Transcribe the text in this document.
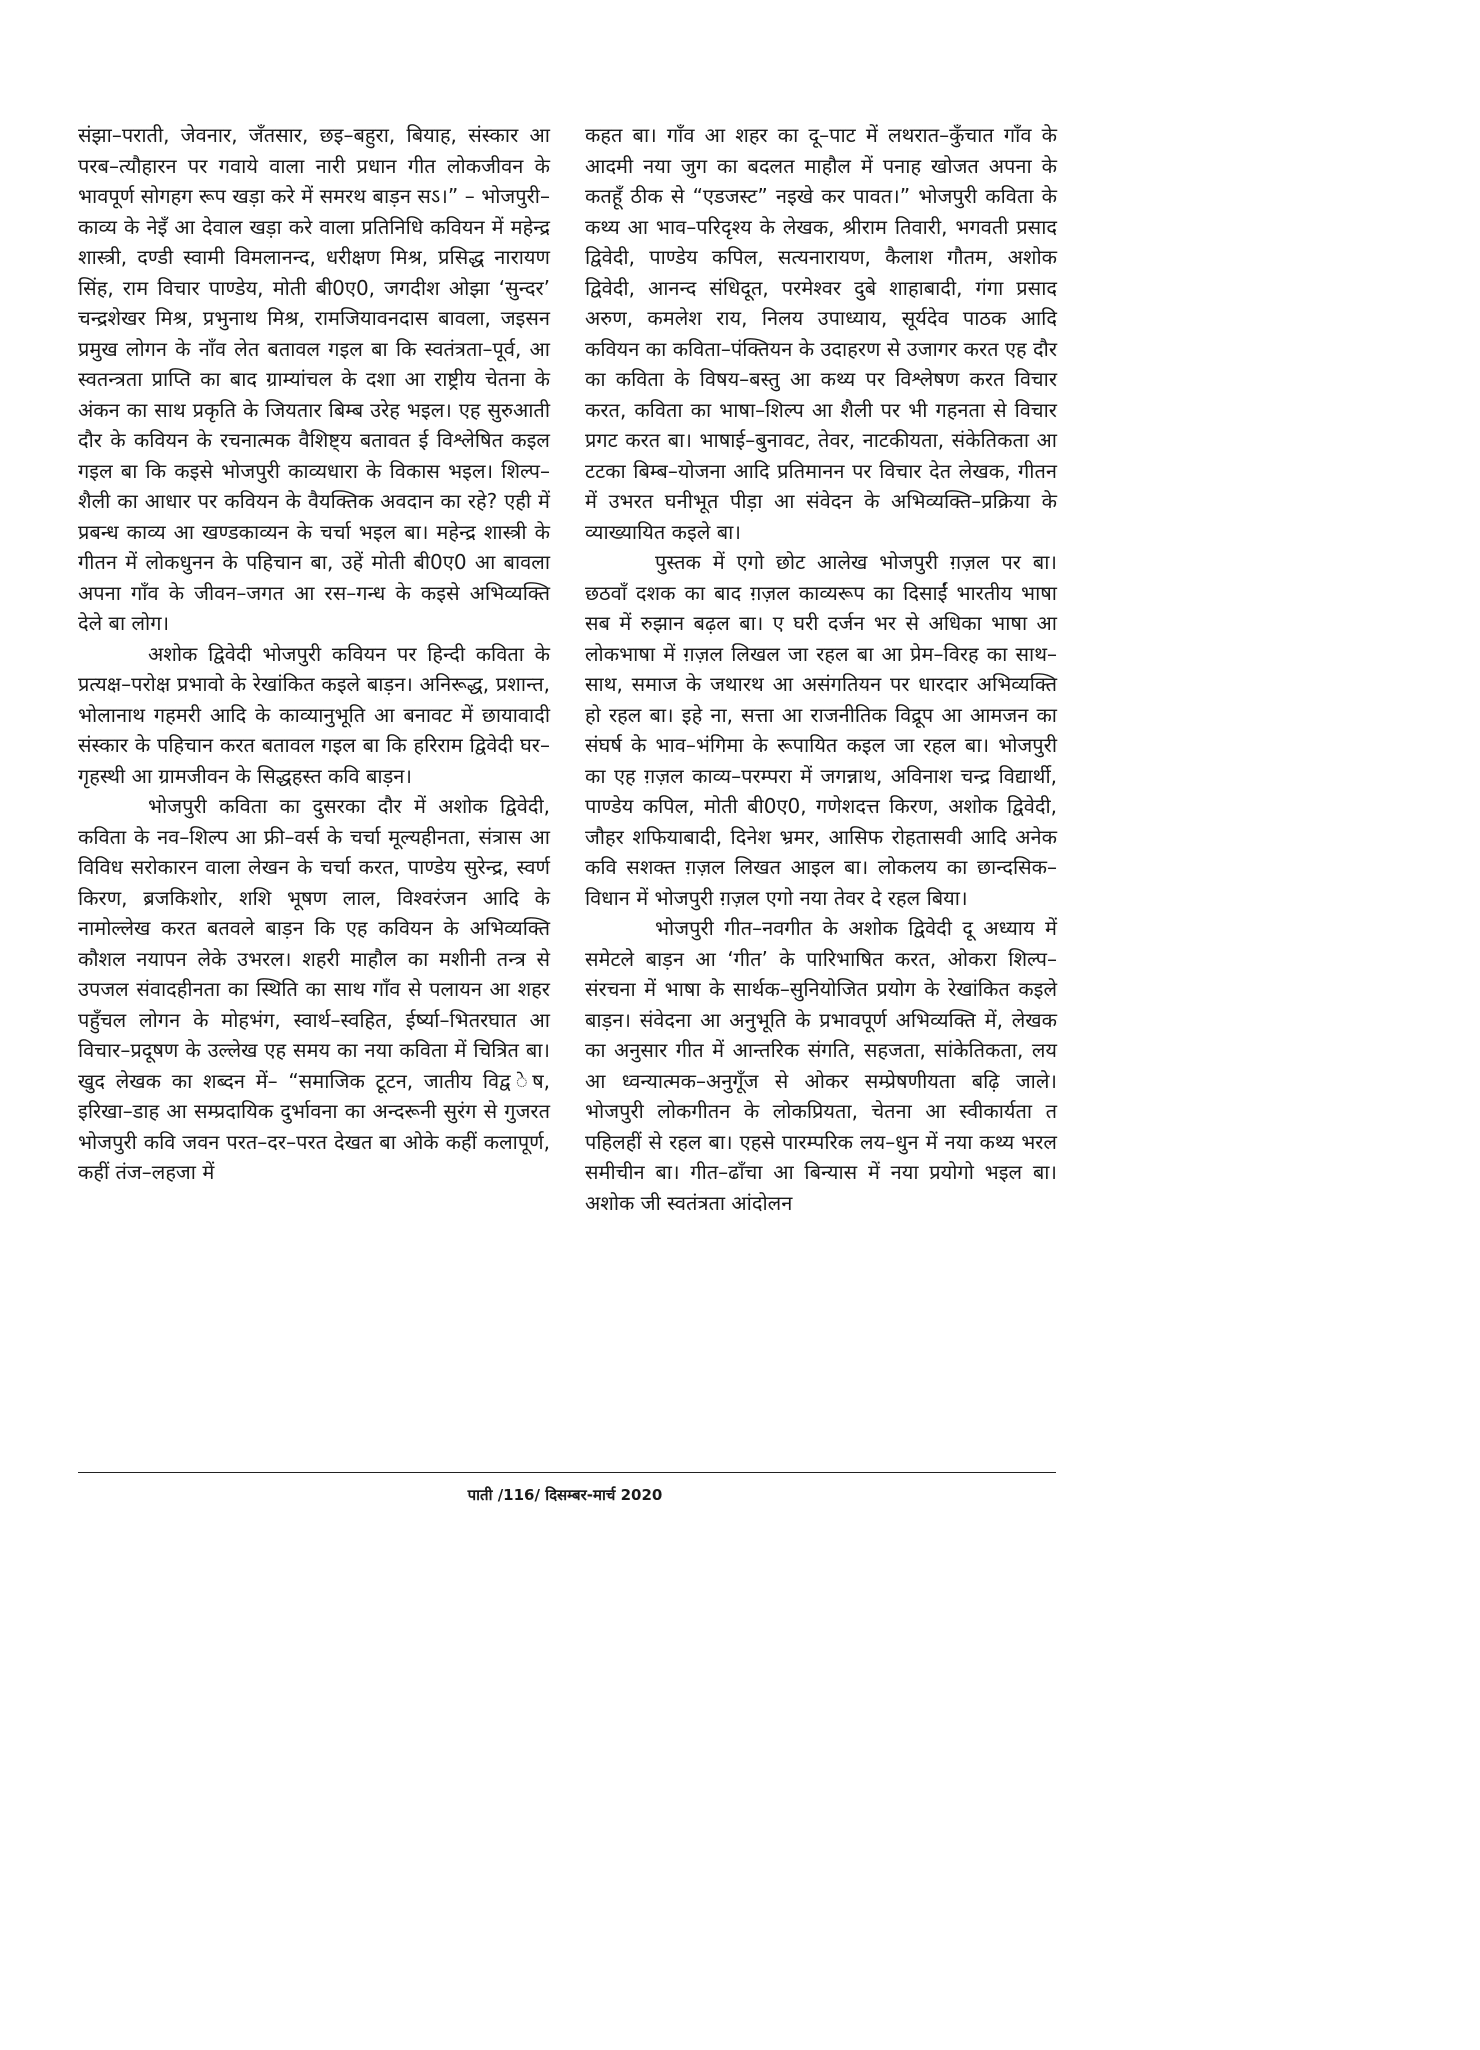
संझा–पराती, जेवनार, जँतसार, छइ–बहुरा, बियाह, संस्कार आ परब–त्यौहारन पर गवाये वाला नारी प्रधान गीत लोकजीवन के भावपूर्ण सोगहग रूप खड़ा करे में समरथ बाड़न सऽ।” – भोजपुरी–काव्य के नेइँ आ देवाल खड़ा करे वाला प्रतिनिधि कवियन में महेन्द्र शास्त्री, दण्डी स्वामी विमलानन्द, धरीक्षण मिश्र, प्रसिद्ध नारायण सिंह, राम विचार पाण्डेय, मोती बी0ए0, जगदीश ओझा ‘सुन्दर’ चन्द्रशेखर मिश्र, प्रभुनाथ मिश्र, रामजियावनदास बावला, जइसन प्रमुख लोगन के नाँव लेत बतावल गइल बा कि स्वतंत्रता–पूर्व, आ स्वतन्त्रता प्राप्ति का बाद ग्राम्यांचल के दशा आ राष्ट्रीय चेतना के अंकन का साथ प्रकृति के जियतार बिम्ब उरेह भइल। एह सुरुआती दौर के कवियन के रचनात्मक वैशिष्ट्य बतावत ई विश्लेषित कइल गइल बा कि कइसे भोजपुरी काव्यधारा के विकास भइल। शिल्प–शैली का आधार पर कवियन के वैयक्तिक अवदान का रहे? एही में प्रबन्ध काव्य आ खण्डकाव्यन के चर्चा भइल बा। महेन्द्र शास्त्री के गीतन में लोकधुनन के पहिचान बा, उहें मोती बी0ए0 आ बावला अपना गाँव के जीवन–जगत आ रस–गन्ध के कइसे अभिव्यक्ति देले बा लोग।

अशोक द्विवेदी भोजपुरी कवियन पर हिन्दी कविता के प्रत्यक्ष–परोक्ष प्रभावो के रेखांकित कइले बाड़न। अनिरूद्ध, प्रशान्त, भोलानाथ गहमरी आदि के काव्यानुभूति आ बनावट में छायावादी संस्कार के पहिचान करत बतावल गइल बा कि हरिराम द्विवेदी घर–गृहस्थी आ ग्रामजीवन के सिद्धहस्त कवि बाड़न।

भोजपुरी कविता का दुसरका दौर में अशोक द्विवेदी, कविता के नव–शिल्प आ फ्री–वर्स के चर्चा मूल्यहीनता, संत्रास आ विविध सरोकारन वाला लेखन के चर्चा करत, पाण्डेय सुरेन्द्र, स्वर्ण किरण, ब्रजकिशोर, शशि भूषण लाल, विश्वरंजन आदि के नामोल्लेख करत बतवले बाड़न कि एह कवियन के अभिव्यक्ति कौशल नयापन लेके उभरल। शहरी माहौल का मशीनी तन्त्र से उपजल संवादहीनता का स्थिति का साथ गाँव से पलायन आ शहर पहुँचल लोगन के मोहभंग, स्वार्थ–स्वहित, ईर्ष्या–भितरघात आ विचार–प्रदूषण के उल्लेख एह समय का नया कविता में चित्रित बा। खुद लेखक का शब्दन में– “समाजिक टूटन, जातीय विद्व ेष, इरिखा–डाह आ सम्प्रदायिक दुर्भावना का अन्दरूनी सुरंग से गुजरत भोजपुरी कवि जवन परत–दर–परत देखत बा ओके कहीं कलापूर्ण, कहीं तंज–लहजा में

कहत बा। गाँव आ शहर का दू–पाट में लथरात–कुँचात गाँव के आदमी नया जुग का बदलत माहौल में पनाह खोजत अपना के कतहूँ ठीक से “एडजस्ट” नइखे कर पावत।” भोजपुरी कविता के कथ्य आ भाव–परिदृश्य के लेखक, श्रीराम तिवारी, भगवती प्रसाद द्विवेदी, पाण्डेय कपिल, सत्यनारायण, कैलाश गौतम, अशोक द्विवेदी, आनन्द संधिदूत, परमेश्वर दुबे शाहाबादी, गंगा प्रसाद अरुण, कमलेश राय, निलय उपाध्याय, सूर्यदेव पाठक आदि कवियन का कविता–पंक्तियन के उदाहरण से उजागर करत एह दौर का कविता के विषय–बस्तु आ कथ्य पर विश्लेषण करत विचार करत, कविता का भाषा–शिल्प आ शैली पर भी गहनता से विचार प्रगट करत बा। भाषाई–बुनावट, तेवर, नाटकीयता, संकेतिकता आ टटका बिम्ब–योजना आदि प्रतिमानन पर विचार देत लेखक, गीतन में उभरत घनीभूत पीड़ा आ संवेदन के अभिव्यक्ति–प्रक्रिया के व्याख्यायित कइले बा।

पुस्तक में एगो छोट आलेख भोजपुरी ग़ज़ल पर बा। छठवाँ दशक का बाद ग़ज़ल काव्यरूप का दिसाईं भारतीय भाषा सब में रुझान बढ़ल बा। ए घरी दर्जन भर से अधिका भाषा आ लोकभाषा में ग़ज़ल लिखल जा रहल बा आ प्रेम–विरह का साथ–साथ, समाज के जथारथ आ असंगतियन पर धारदार अभिव्यक्ति हो रहल बा। इहे ना, सत्ता आ राजनीतिक विद्रूप आ आमजन का संघर्ष के भाव–भंगिमा के रूपायित कइल जा रहल बा। भोजपुरी का एह ग़ज़ल काव्य–परम्परा में जगन्नाथ, अविनाश चन्द्र विद्यार्थी, पाण्डेय कपिल, मोती बी0ए0, गणेशदत्त किरण, अशोक द्विवेदी, जौहर शफियाबादी, दिनेश भ्रमर, आसिफ रोहतासवी आदि अनेक कवि सशक्त ग़ज़ल लिखत आइल बा। लोकलय का छान्दसिक–विधान में भोजपुरी ग़ज़ल एगो नया तेवर दे रहल बिया।

भोजपुरी गीत–नवगीत के अशोक द्विवेदी दू अध्याय में समेटले बाड़न आ ‘गीत’ के पारिभाषित करत, ओकरा शिल्प–संरचना में भाषा के सार्थक–सुनियोजित प्रयोग के रेखांकित कइले बाड़न। संवेदना आ अनुभूति के प्रभावपूर्ण अभिव्यक्ति में, लेखक का अनुसार गीत में आन्तरिक संगति, सहजता, सांकेतिकता, लय आ ध्वन्यात्मक–अनुगूँज से ओकर सम्प्रेषणीयता बढ़ि जाले। भोजपुरी लोकगीतन के लोकप्रियता, चेतना आ स्वीकार्यता त पहिलहीं से रहल बा। एहसे पारम्परिक लय–धुन में नया कथ्य भरल समीचीन बा। गीत–ढाँचा आ बिन्यास में नया प्रयोगो भइल बा। अशोक जी स्वतंत्रता आंदोलन

पाती /116/ दिसम्बर-मार्च 2020
